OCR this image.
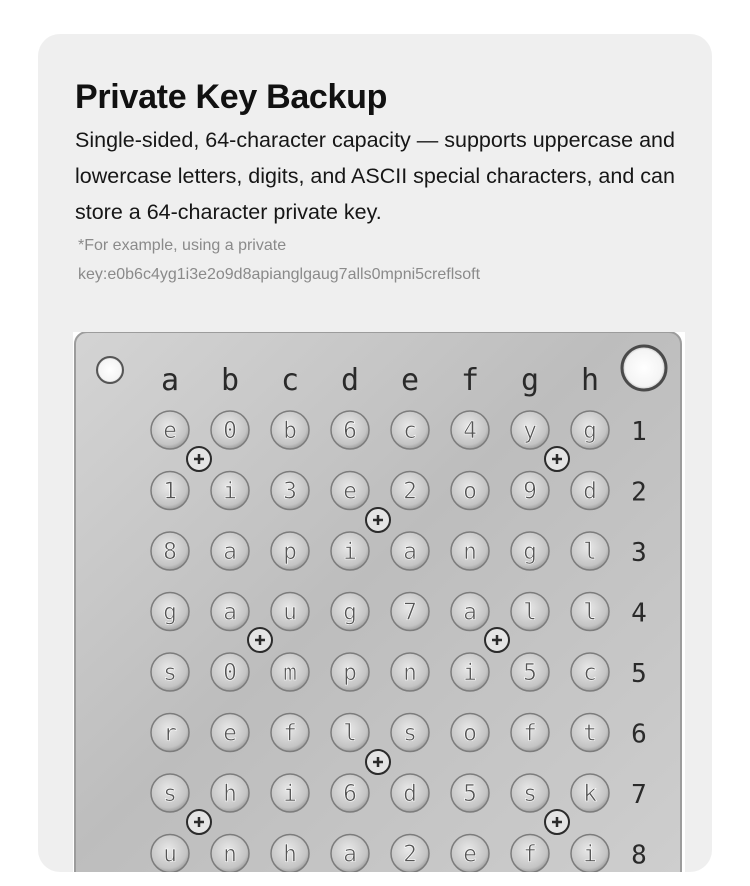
Private Key Backup

Single-sided, 64-character capacity — supports uppercase and lowercase letters, digits, and ASCII special characters, and can store a 64-character private key.

*For example, using a private key:e0b6c4yg1i3e2o9d8apianglgaug7alls0mpni5creflsoft

a b c d e f g h
1
2
3
4
5
6
7
8
e 0 b 6 c 4 y g
1 i 3 e 2 o 9 d
8 a p i a n g l
g a u g 7 a l l
s 0 m p n i 5 c
r e f l s o f t
s h i 6 d 5 s k
u n h a 2 e f i
